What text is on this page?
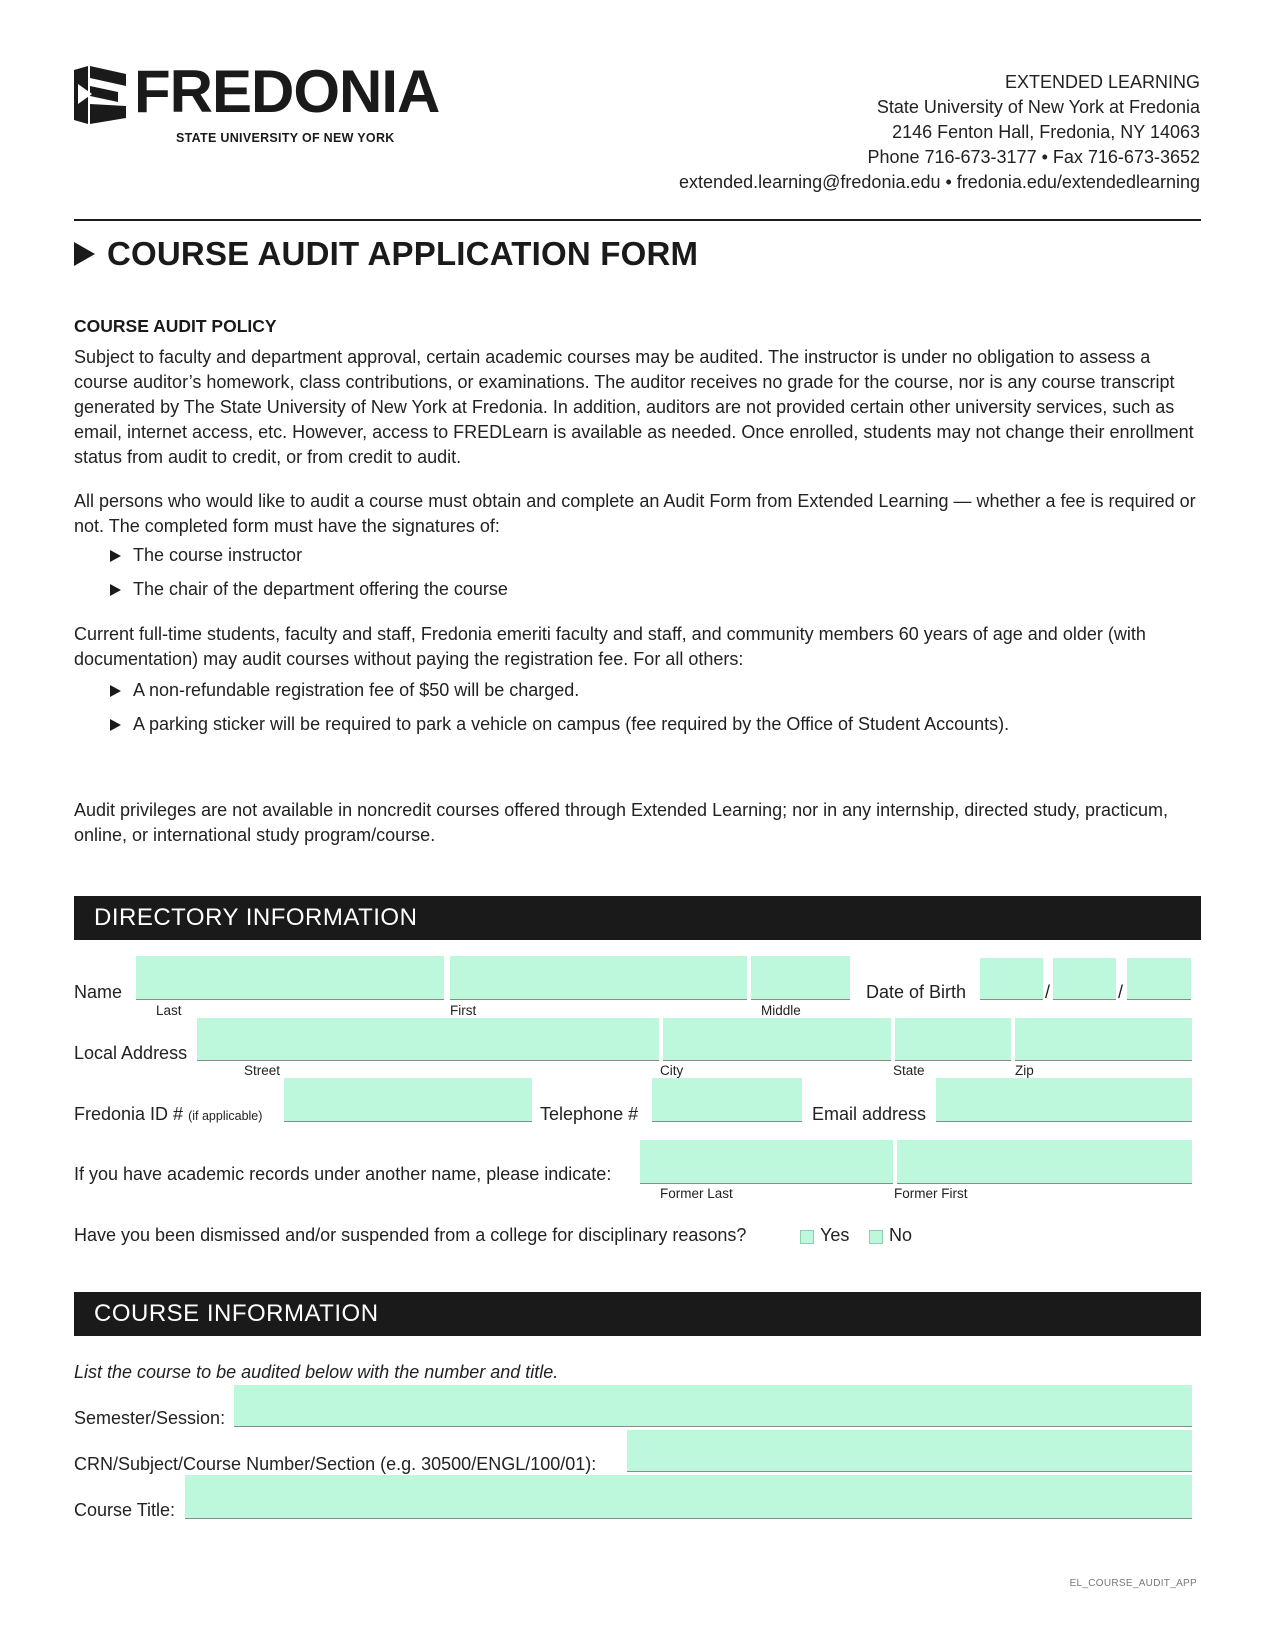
FREDONIA
STATE UNIVERSITY OF NEW YORK
EXTENDED LEARNING
State University of New York at Fredonia
2146 Fenton Hall, Fredonia, NY 14063
Phone 716-673-3177 • Fax 716-673-3652
extended.learning@fredonia.edu • fredonia.edu/extendedlearning
COURSE AUDIT APPLICATION FORM
COURSE AUDIT POLICY
Subject to faculty and department approval, certain academic courses may be audited. The instructor is under no obligation to assess a course auditor’s homework, class contributions, or examinations. The auditor receives no grade for the course, nor is any course transcript generated by The State University of New York at Fredonia. In addition, auditors are not provided certain other university services, such as email, internet access, etc. However, access to FREDLearn is available as needed. Once enrolled, students may not change their enrollment status from audit to credit, or from credit to audit.
All persons who would like to audit a course must obtain and complete an Audit Form from Extended Learning — whether a fee is required or not. The completed form must have the signatures of:
The course instructor
The chair of the department offering the course
Current full-time students, faculty and staff, Fredonia emeriti faculty and staff, and community members 60 years of age and older (with documentation) may audit courses without paying the registration fee. For all others:
A non-refundable registration fee of $50 will be charged.
A parking sticker will be required to park a vehicle on campus (fee required by the Office of Student Accounts).
Audit privileges are not available in noncredit courses offered through Extended Learning; nor in any internship, directed study, practicum, online, or international study program/course.
DIRECTORY INFORMATION
Name
Last	First	Middle
Date of Birth	/	/
Local Address
Street	City	State	Zip
Fredonia ID # (if applicable)	Telephone #	Email address
If you have academic records under another name, please indicate:
Former Last	Former First
Have you been dismissed and/or suspended from a college for disciplinary reasons?	Yes No
COURSE INFORMATION
List the course to be audited below with the number and title.
Semester/Session:
CRN/Subject/Course Number/Section (e.g. 30500/ENGL/100/01):
Course Title:
EL_COURSE_AUDIT_APP
